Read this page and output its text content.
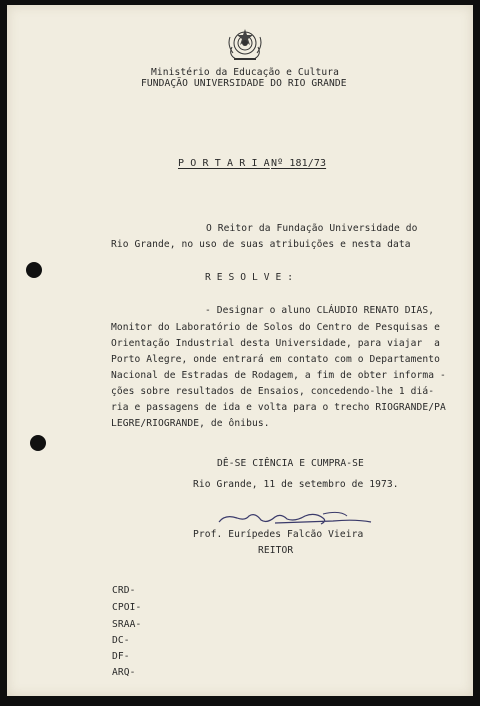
Ministério da Educação e Cultura
FUNDAÇÃO UNIVERSIDADE DO RIO GRANDE
P O R T A R I A Nº 181/73
O Reitor da Fundação Universidade do
Rio Grande, no uso de suas atribuições e nesta data
R E S O L V E :
- Designar o aluno CLÁUDIO RENATO DIAS,
Monitor do Laboratório de Solos do Centro de Pesquisas e
Orientação Industrial desta Universidade, para viajar  a
Porto Alegre, onde entrará em contato com o Departamento
Nacional de Estradas de Rodagem, a fim de obter informa -
ções sobre resultados de Ensaios, concedendo-lhe 1 diá-
ria e passagens de ida e volta para o trecho RIOGRANDE/PA
LEGRE/RIOGRANDE, de ônibus.
DÊ-SE CIÊNCIA E CUMPRA-SE
Rio Grande, 11 de setembro de 1973.
Prof. Eurípedes Falcão Vieira
REITOR
CRD-
CPOI-
SRAA-
DC-
DF-
ARQ-
